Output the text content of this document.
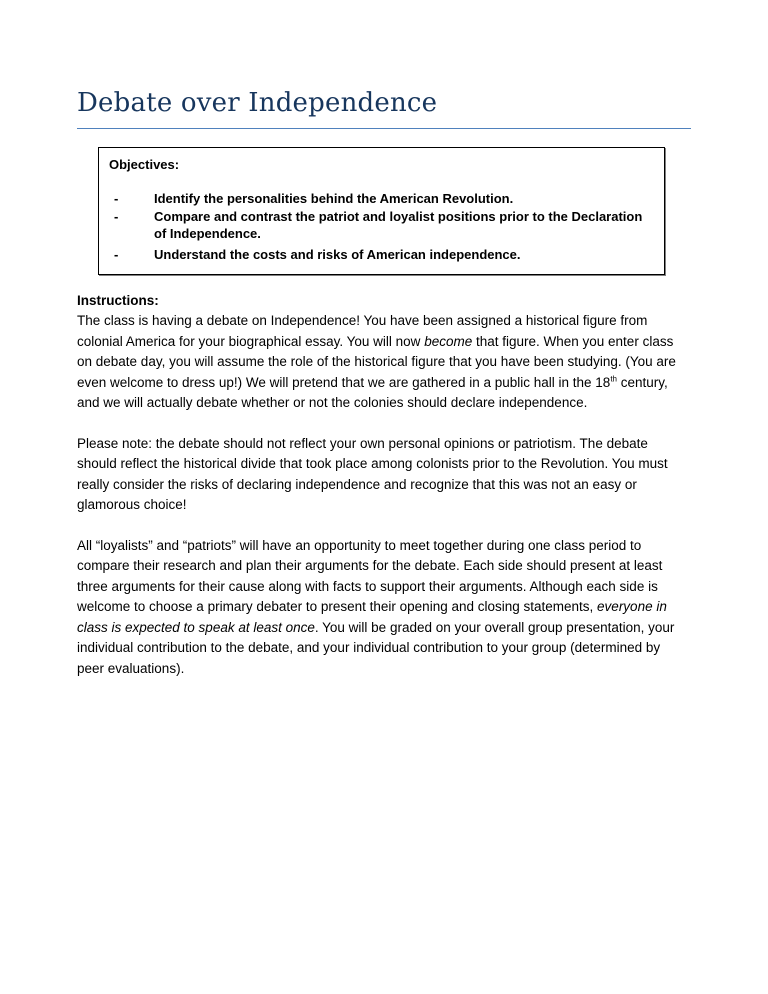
Debate over Independence
Objectives:
-	Identify the personalities behind the American Revolution.
-	Compare and contrast the patriot and loyalist positions prior to the Declaration of Independence.
-	Understand the costs and risks of American independence.

Instructions:

The class is having a debate on Independence! You have been assigned a historical figure from colonial America for your biographical essay. You will now become that figure. When you enter class on debate day, you will assume the role of the historical figure that you have been studying. (You are even welcome to dress up!) We will pretend that we are gathered in a public hall in the 18th century, and we will actually debate whether or not the colonies should declare independence.

Please note: the debate should not reflect your own personal opinions or patriotism. The debate should reflect the historical divide that took place among colonists prior to the Revolution. You must really consider the risks of declaring independence and recognize that this was not an easy or glamorous choice!

All “loyalists” and “patriots” will have an opportunity to meet together during one class period to compare their research and plan their arguments for the debate. Each side should present at least three arguments for their cause along with facts to support their arguments. Although each side is welcome to choose a primary debater to present their opening and closing statements, everyone in class is expected to speak at least once. You will be graded on your overall group presentation, your individual contribution to the debate, and your individual contribution to your group (determined by peer evaluations).
